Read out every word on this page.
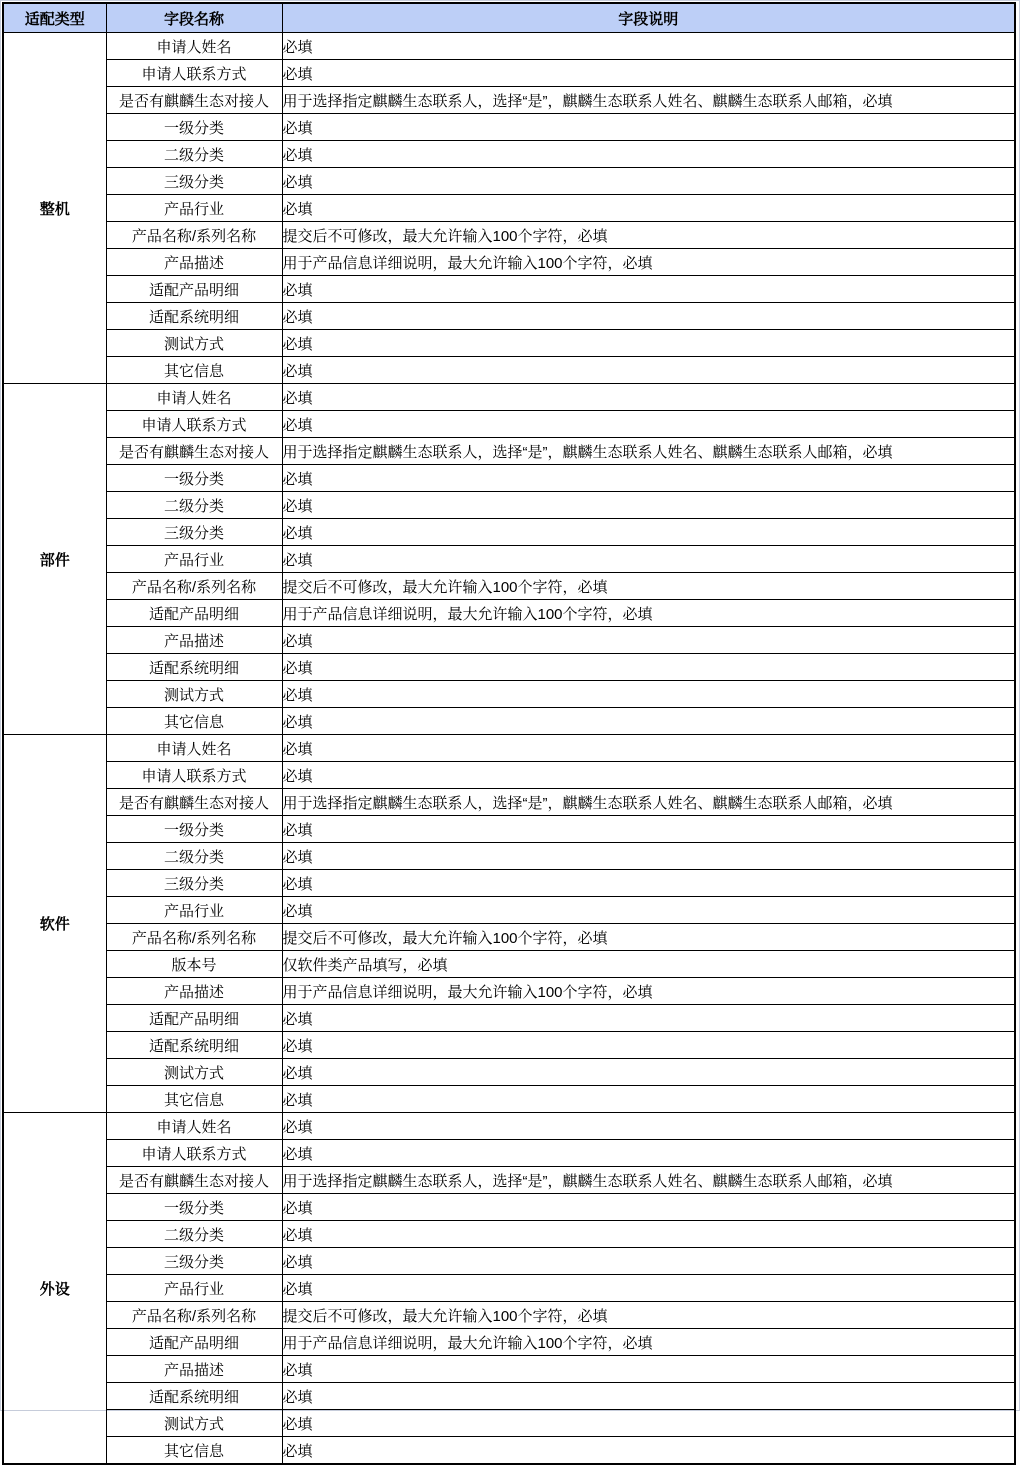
适配类型	字段名称	字段说明
整机	申请人姓名	必填
	申请人联系方式	必填
	是否有麒麟生态对接人	用于选择指定麒麟生态联系人，选择“是”，麒麟生态联系人姓名、麒麟生态联系人邮箱，必填
	一级分类	必填
	二级分类	必填
	三级分类	必填
	产品行业	必填
	产品名称/系列名称	提交后不可修改，最大允许输入100个字符，必填
	产品描述	用于产品信息详细说明，最大允许输入100个字符，必填
	适配产品明细	必填
	适配系统明细	必填
	测试方式	必填
	其它信息	必填
部件	申请人姓名	必填
	申请人联系方式	必填
	是否有麒麟生态对接人	用于选择指定麒麟生态联系人，选择“是”，麒麟生态联系人姓名、麒麟生态联系人邮箱，必填
	一级分类	必填
	二级分类	必填
	三级分类	必填
	产品行业	必填
	产品名称/系列名称	提交后不可修改，最大允许输入100个字符，必填
	适配产品明细	用于产品信息详细说明，最大允许输入100个字符，必填
	产品描述	必填
	适配系统明细	必填
	测试方式	必填
	其它信息	必填
软件	申请人姓名	必填
	申请人联系方式	必填
	是否有麒麟生态对接人	用于选择指定麒麟生态联系人，选择“是”，麒麟生态联系人姓名、麒麟生态联系人邮箱，必填
	一级分类	必填
	二级分类	必填
	三级分类	必填
	产品行业	必填
	产品名称/系列名称	提交后不可修改，最大允许输入100个字符，必填
	版本号	仅软件类产品填写，必填
	产品描述	用于产品信息详细说明，最大允许输入100个字符，必填
	适配产品明细	必填
	适配系统明细	必填
	测试方式	必填
	其它信息	必填
外设	申请人姓名	必填
	申请人联系方式	必填
	是否有麒麟生态对接人	用于选择指定麒麟生态联系人，选择“是”，麒麟生态联系人姓名、麒麟生态联系人邮箱，必填
	一级分类	必填
	二级分类	必填
	三级分类	必填
	产品行业	必填
	产品名称/系列名称	提交后不可修改，最大允许输入100个字符，必填
	适配产品明细	用于产品信息详细说明，最大允许输入100个字符，必填
	产品描述	必填
	适配系统明细	必填
	测试方式	必填
	其它信息	必填
